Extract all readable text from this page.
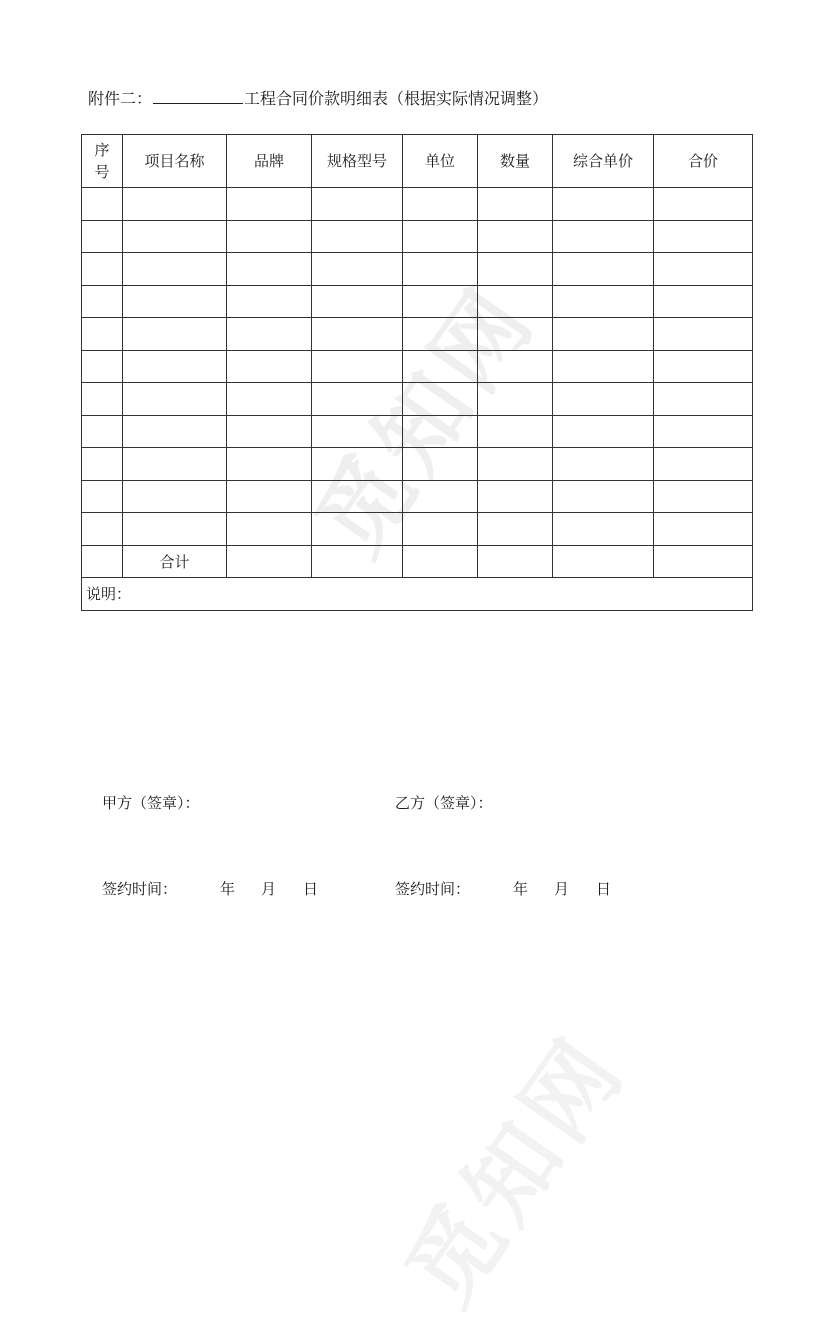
觅知网
觅知网
附件二：	工程合同价款明细表（根据实际情况调整）
序
号	项目名称	品牌	规格型号	单位	数量	综合单价	合价

	合计						
说明：							
甲方（签章）：	乙方（签章）：
签约时间：	年 月 日	签约时间：	年 月 日
